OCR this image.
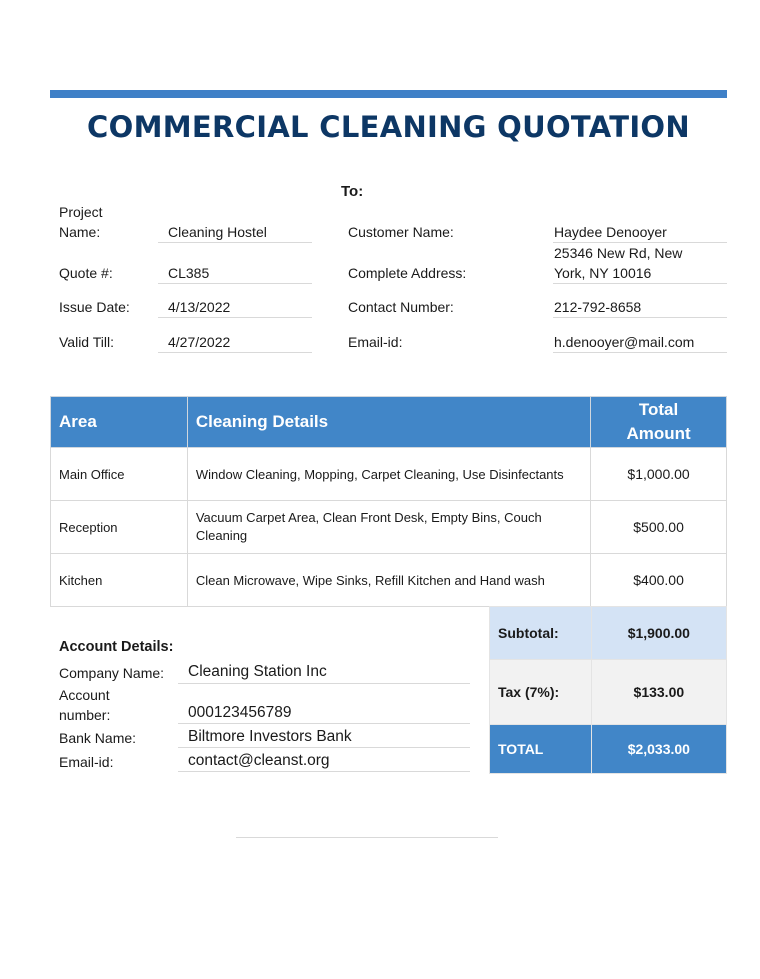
COMMERCIAL CLEANING QUOTATION
To:
Project
Name:	Cleaning Hostel
Quote #:	CL385
Issue Date:	4/13/2022
Valid Till:	4/27/2022
Customer Name:	Haydee Denooyer
Complete Address:
25346 New Rd, New
York, NY 10016
Contact Number:	212-792-8658
Email-id:	h.denooyer@mail.com
Area	Cleaning Details	Total
Amount

Main Office	Window Cleaning, Mopping, Carpet Cleaning, Use Disinfectants	$1,000.00
Reception	Vacuum Carpet Area, Clean Front Desk, Empty Bins, Couch Cleaning	$500.00
Kitchen	Clean Microwave, Wipe Sinks, Refill Kitchen and Hand wash	$400.00
Account Details:
Company Name:	Cleaning Station Inc
Account
number:	000123456789
Bank Name:	Biltmore Investors Bank
Email-id:	contact@cleanst.org
Subtotal:	$1,900.00
Tax (7%):	$133.00
TOTAL	$2,033.00
